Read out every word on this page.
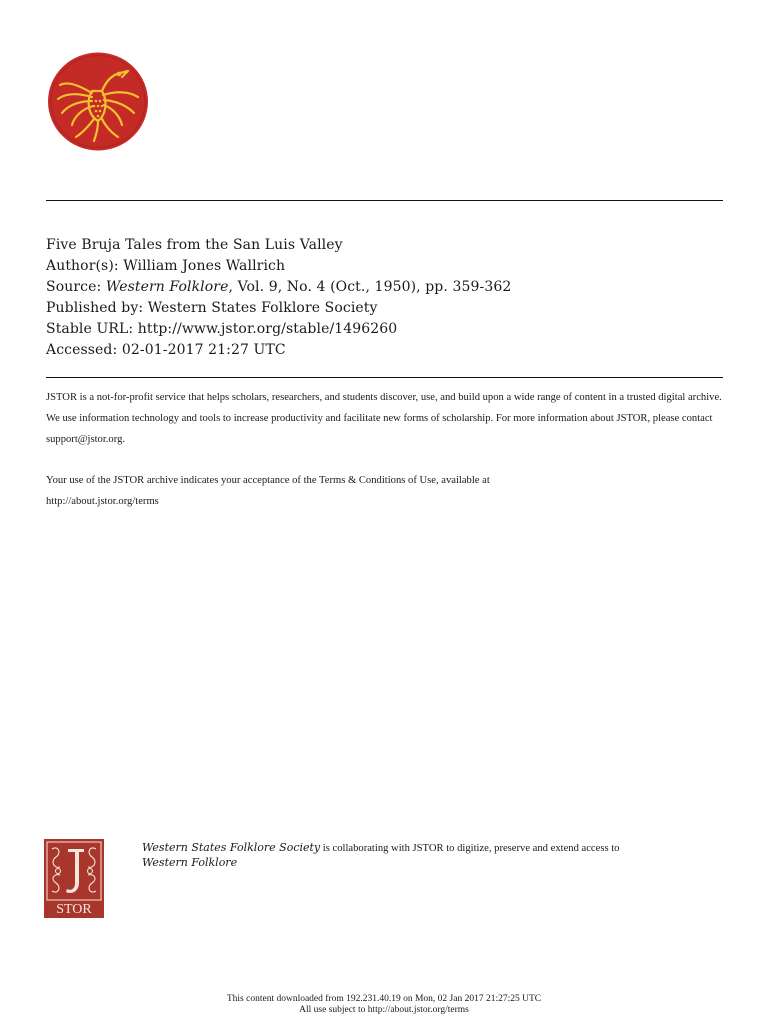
Five Bruja Tales from the San Luis Valley
Author(s): William Jones Wallrich
Source: Western Folklore, Vol. 9, No. 4 (Oct., 1950), pp. 359-362
Published by: Western States Folklore Society
Stable URL: http://www.jstor.org/stable/1496260
Accessed: 02-01-2017 21:27 UTC

JSTOR is a not-for-profit service that helps scholars, researchers, and students discover, use, and build upon a wide range of content in a trusted digital archive. We use information technology and tools to increase productivity and facilitate new forms of scholarship. For more information about JSTOR, please contact support@jstor.org.

Your use of the JSTOR archive indicates your acceptance of the Terms & Conditions of Use, available at
http://about.jstor.org/terms

STOR
Western States Folklore Society is collaborating with JSTOR to digitize, preserve and extend access to
Western Folklore
This content downloaded from 192.231.40.19 on Mon, 02 Jan 2017 21:27:25 UTC
All use subject to http://about.jstor.org/terms
